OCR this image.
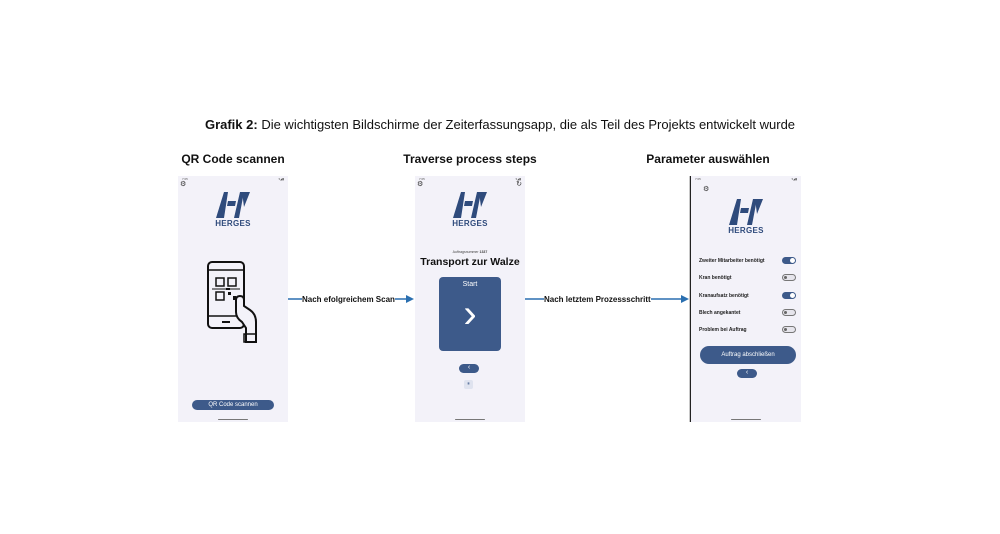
Grafik 2: Die wichtigsten Bildschirme der Zeiterfassungsapp, die als Teil des Projekts entwickelt wurde
QR Code scannen	Traverse process steps	Parameter auswählen
Nach efolgreichem Scan	Nach letztem Prozessschritt
7:05	▾◢▮
⚙
HERGES
QR Code scannen
7:05	▾◢▮
⚙	↻
HERGES
Auftragsnummer 1337
Transport zur Walze
Start
›
‹
⏸
7:05	▾◢▮
⚙
HERGES
Zweiter Mitarbeiter benötigt
Kran benötigt
Kranaufsatz benötigt
Blech angekantet
Problem bei Auftrag
Auftrag abschließen
‹
